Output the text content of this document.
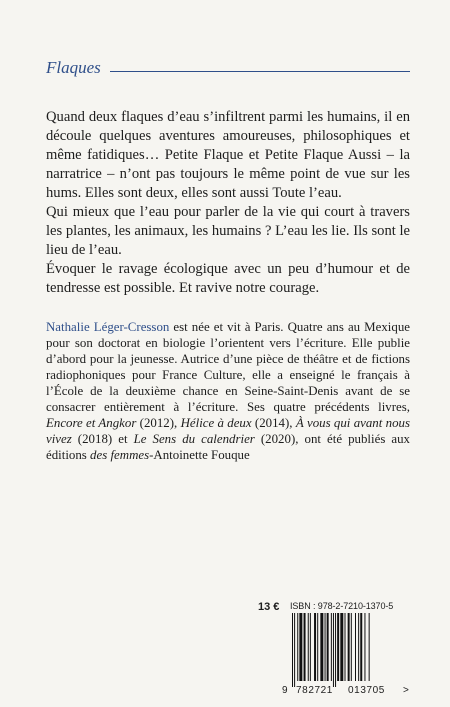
Flaques

Quand deux flaques d’eau s’infiltrent parmi les humains, il en découle quelques aventures amoureuses, philosophiques et même fatidiques… Petite Flaque et Petite Flaque Aussi – la narratrice – n’ont pas toujours le même point de vue sur les hums. Elles sont deux, elles sont aussi Toute l’eau.

Qui mieux que l’eau pour parler de la vie qui court à travers les plantes, les animaux, les humains ? L’eau les lie. Ils sont le lieu de l’eau.

Évoquer le ravage écologique avec un peu d’humour et de tendresse est possible. Et ravive notre courage.

Nathalie Léger-Cresson est née et vit à Paris. Quatre ans au Mexique pour son doctorat en biologie l’orientent vers l’écriture. Elle publie d’abord pour la jeunesse. Autrice d’une pièce de théâtre et de fictions radiophoniques pour France Culture, elle a enseigné le français à l’École de la deuxième chance en Seine-Saint-Denis avant de se consacrer entièrement à l’écriture. Ses quatre précédents livres, Encore et Angkor (2012), Hélice à deux (2014), À vous qui avant nous vivez (2018) et Le Sens du calendrier (2020), ont été publiés aux éditions des femmes-Antoinette Fouque
13 € ISBN : 978-2-7210-1370-5
9 782721 013705 >
